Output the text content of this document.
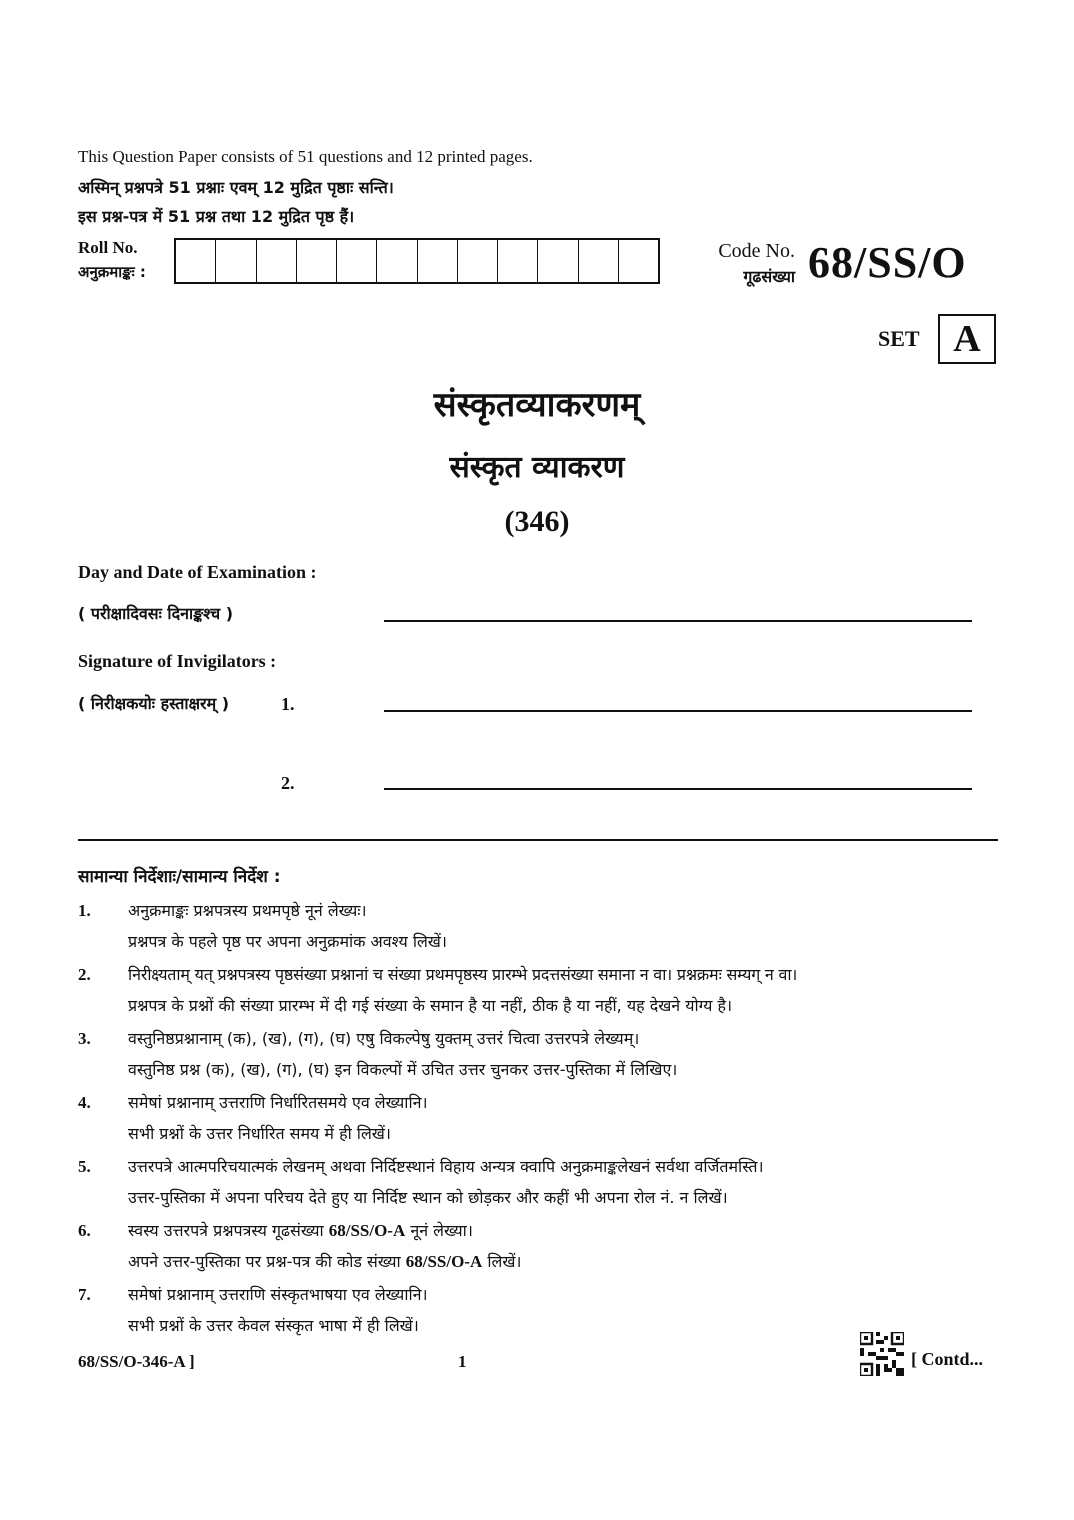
This Question Paper consists of 51 questions and 12 printed pages.
अस्मिन् प्रश्नपत्रे 51 प्रश्नाः एवम् 12 मुद्रित पृष्ठाः सन्ति।
इस प्रश्न-पत्र में 51 प्रश्न तथा 12 मुद्रित पृष्ठ हैं।
Roll No.
अनुक्रमाङ्कः :
Code No.
गूढसंख्या 68/SS/O
SET A
संस्कृतव्याकरणम्
संस्कृत व्याकरण
(346)
Day and Date of Examination :
( परीक्षादिवसः दिनाङ्कश्च )
Signature of Invigilators :
( निरीक्षकयोः हस्ताक्षरम् )	1.
2.
सामान्या निर्देशाः/सामान्य निर्देश :
1.	अनुक्रमाङ्कः प्रश्नपत्रस्य प्रथमपृष्ठे नूनं लेख्यः।
प्रश्नपत्र के पहले पृष्ठ पर अपना अनुक्रमांक अवश्य लिखें।
2.	निरीक्ष्यताम् यत् प्रश्नपत्रस्य पृष्ठसंख्या प्रश्नानां च संख्या प्रथमपृष्ठस्य प्रारम्भे प्रदत्तसंख्या समाना न वा। प्रश्नक्रमः सम्यग् न वा।
प्रश्नपत्र के प्रश्नों की संख्या प्रारम्भ में दी गई संख्या के समान है या नहीं, ठीक है या नहीं, यह देखने योग्य है।
3.	वस्तुनिष्ठप्रश्नानाम् (क), (ख), (ग), (घ) एषु विकल्पेषु युक्तम् उत्तरं चित्वा उत्तरपत्रे लेख्यम्।
वस्तुनिष्ठ प्रश्न (क), (ख), (ग), (घ) इन विकल्पों में उचित उत्तर चुनकर उत्तर-पुस्तिका में लिखिए।
4.	समेषां प्रश्नानाम् उत्तराणि निर्धारितसमये एव लेख्यानि।
सभी प्रश्नों के उत्तर निर्धारित समय में ही लिखें।
5.	उत्तरपत्रे आत्मपरिचयात्मकं लेखनम् अथवा निर्दिष्टस्थानं विहाय अन्यत्र क्वापि अनुक्रमाङ्कलेखनं सर्वथा वर्जितमस्ति।
उत्तर-पुस्तिका में अपना परिचय देते हुए या निर्दिष्ट स्थान को छोड़कर और कहीं भी अपना रोल नं. न लिखें।
6.	स्वस्य उत्तरपत्रे प्रश्नपत्रस्य गूढसंख्या 68/SS/O-A नूनं लेख्या।
अपने उत्तर-पुस्तिका पर प्रश्न-पत्र की कोड संख्या 68/SS/O-A लिखें।
7.	समेषां प्रश्नानाम् उत्तराणि संस्कृतभाषया एव लेख्यानि।
सभी प्रश्नों के उत्तर केवल संस्कृत भाषा में ही लिखें।
68/SS/O-346-A ]	1	[ Contd...
